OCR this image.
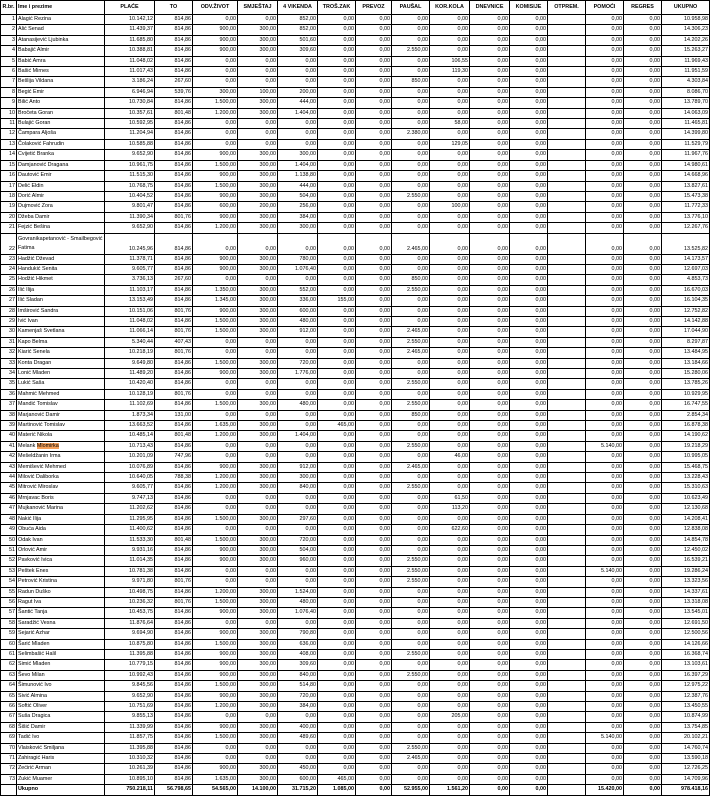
R.br.	Ime i prezime	PLAĆE	TO	ODV.ŽIVOT	SMJEŠTAJ	4 VIKENDA	TROŠ.ZAK	PREVOZ	PAUŠAL	KOR.KOLA	DNEVNICE	KOMISIJE	OTPREM.	POMOĆI	REGRES	UKUPNO
1	Alagić Rezina	10.142,12	814,86	0,00	0,00	852,00	0,00	0,00	0,00	0,00	0,00	0,00		0,00	0,00	10.958,98
2	Alić Senad	11.439,37	814,86	900,00	300,00	852,00	0,00	0,00	0,00	0,00	0,00	0,00		0,00	0,00	14.306,23
3	Atanasijević Ljubinka	11.685,80	814,86	900,00	300,00	501,60	0,00	0,00	0,00	0,00	0,00	0,00		0,00	0,00	14.202,26
4	Babajić Almir	10.388,81	814,86	900,00	300,00	309,60	0,00	0,00	2.550,00	0,00	0,00	0,00		0,00	0,00	15.263,27
5	Babić Amra	11.048,02	814,86	0,00	0,00	0,00	0,00	0,00	0,00	106,55	0,00	0,00		0,00	0,00	11.969,43
6	Bašić Mirnes	11.017,43	814,86	0,00	0,00	0,00	0,00	0,00	0,00	119,30	0,00	0,00		0,00	0,00	11.951,59
7	Bešlija Vildana	3.186,24	267,60	0,00	0,00	0,00	0,00	0,00	850,00	0,00	0,00	0,00		0,00	0,00	4.303,84
8	Begić Emir	6.946,94	539,76	300,00	100,00	200,00	0,00	0,00	0,00	0,00	0,00	0,00		0,00	0,00	8.086,70
9	Bilić Anto	10.730,84	814,86	1.500,00	300,00	444,00	0,00	0,00	0,00	0,00	0,00	0,00		0,00	0,00	13.789,70
10	Bročeta Goran	10.357,61	801,48	1.200,00	300,00	1.404,00	0,00	0,00	0,00	0,00	0,00	0,00		0,00	0,00	14.063,09
11	Bulajić Goran	10.592,95	814,86	0,00	0,00	0,00	0,00	0,00	0,00	58,00	0,00	0,00		0,00	0,00	11.465,81
12	Čampara Aljoša	11.204,94	814,86	0,00	0,00	0,00	0,00	0,00	2.380,00	0,00	0,00	0,00		0,00	0,00	14.399,80
13	Čolaković Fahrudin	10.585,88	814,86	0,00	0,00	0,00	0,00	0,00	0,00	129,05	0,00	0,00		0,00	0,00	11.529,79
14	Cvijetić Branka	9.652,90	814,86	900,00	300,00	300,00	0,00	0,00	0,00	0,00	0,00	0,00		0,00	0,00	11.967,76
15	Damjanović Dragana	10.961,75	814,86	1.500,00	300,00	1.404,00	0,00	0,00	0,00	0,00	0,00	0,00		0,00	0,00	14.980,61
16	Dautović Emir	11.515,30	814,86	900,00	300,00	1.138,80	0,00	0,00	0,00	0,00	0,00	0,00		0,00	0,00	14.668,96
17	Delić Eldin	10.768,75	814,86	1.500,00	300,00	444,00	0,00	0,00	0,00	0,00	0,00	0,00		0,00	0,00	13.827,61
18	Dorić Almir	10.404,52	814,86	900,00	300,00	504,00	0,00	0,00	2.550,00	0,00	0,00	0,00		0,00	0,00	15.473,38
19	Dujmović Zora	9.801,47	814,86	600,00	200,00	256,00	0,00	0,00	0,00	100,00	0,00	0,00		0,00	0,00	11.772,33
20	Džeba Damir	11.390,34	801,76	900,00	300,00	384,00	0,00	0,00	0,00	0,00	0,00	0,00		0,00	0,00	13.776,10
21	Fejzić Bešina	9.652,90	814,86	1.200,00	300,00	300,00	0,00	0,00	0,00	0,00	0,00	0,00		0,00	0,00	12.267,76
22	Govranikapetanović - Smailbegović Fatima	10.245,96	814,86	0,00	0,00	0,00	0,00	0,00	2.465,00	0,00	0,00	0,00		0,00	0,00	13.525,82
23	Hadžić Dževad	11.378,71	814,86	900,00	300,00	780,00	0,00	0,00	0,00	0,00	0,00	0,00		0,00	0,00	14.173,57
24	Handukić Senita	9.605,77	814,86	900,00	300,00	1.076,40	0,00	0,00	0,00	0,00	0,00	0,00		0,00	0,00	12.697,03
25	Hodžić Hikmet	3.736,13	267,60	0,00	0,00	0,00	0,00	0,00	850,00	0,00	0,00	0,00		0,00	0,00	4.853,73
26	Ilić Ilija	11.103,17	814,86	1.350,00	300,00	552,00	0,00	0,00	2.550,00	0,00	0,00	0,00		0,00	0,00	16.670,03
27	Ilić Sladan	13.153,49	814,86	1.345,00	300,00	336,00	155,00	0,00	0,00	0,00	0,00	0,00		0,00	0,00	16.104,35
28	Imširović Sandra	10.151,06	801,76	900,00	300,00	600,00	0,00	0,00	0,00	0,00	0,00	0,00		0,00	0,00	12.752,82
29	Ivić Ivan	11.048,02	814,86	1.500,00	300,00	480,00	0,00	0,00	0,00	0,00	0,00	0,00		0,00	0,00	14.142,88
30	Kamenjaš Svetlana	11.066,14	801,76	1.500,00	300,00	912,00	0,00	0,00	2.465,00	0,00	0,00	0,00		0,00	0,00	17.044,90
31	Kapo Belma	5.340,44	407,43	0,00	0,00	0,00	0,00	0,00	2.550,00	0,00	0,00	0,00		0,00	0,00	8.297,87
32	Kiarić Senela	10.218,19	801,76	0,00	0,00	0,00	0,00	0,00	2.465,00	0,00	0,00	0,00		0,00	0,00	13.484,95
33	Konta Dragan	9.649,80	814,86	1.500,00	300,00	720,00	0,00	0,00	0,00	0,00	0,00	0,00		0,00	0,00	13.184,66
34	Lonić Mladen	11.489,20	814,86	900,00	300,00	1.776,00	0,00	0,00	0,00	0,00	0,00	0,00		0,00	0,00	15.280,06
35	Lukić Saša	10.420,40	814,86	0,00	0,00	0,00	0,00	0,00	2.550,00	0,00	0,00	0,00		0,00	0,00	13.785,26
36	Mahmić Mehmed	10.128,19	801,76	0,00	0,00	0,00	0,00	0,00	0,00	0,00	0,00	0,00		0,00	0,00	10.929,95
37	Mandić Tomislav	11.102,69	814,86	1.500,00	300,00	480,00	0,00	0,00	2.550,00	0,00	0,00	0,00		0,00	0,00	16.747,55
38	Marjanović Damir	1.873,34	131,00	0,00	0,00	0,00	0,00	0,00	850,00	0,00	0,00	0,00		0,00	0,00	2.854,34
39	Martinović Tomislav	13.663,52	814,86	1.635,00	300,00	0,00	465,00	0,00	0,00	0,00	0,00	0,00		0,00	0,00	16.878,38
40	Materić Nikola	10.485,14	801,48	1.200,00	300,00	1.404,00	0,00	0,00	0,00	0,00	0,00	0,00		0,00	0,00	14.190,62
41	Melank Mlomirka	10.713,43	814,86	0,00	0,00	0,00	0,00	0,00	2.550,00	0,00	0,00	0,00		5.140,00	0,00	19.218,29
42	Mešeldžanin Irma	10.201,09	747,96	0,00	0,00	0,00	0,00	0,00	0,00	46,00	0,00	0,00		0,00	0,00	10.995,05
43	Memišević Mehmed	10.076,89	814,86	900,00	300,00	912,00	0,00	0,00	2.465,00	0,00	0,00	0,00		0,00	0,00	15.468,75
44	Milović Daliborka	10.640,05	788,38	1.200,00	300,00	300,00	0,00	0,00	0,00	0,00	0,00	0,00		0,00	0,00	13.228,43
45	Mitrović Miroslav	9.605,77	814,86	1.200,00	300,00	840,00	0,00	0,00	2.550,00	0,00	0,00	0,00		0,00	0,00	15.310,63
46	Mrnjavac Boris	9.747,13	814,86	0,00	0,00	0,00	0,00	0,00	0,00	61,50	0,00	0,00		0,00	0,00	10.623,49
47	Mujkanović Marina	11.202,62	814,86	0,00	0,00	0,00	0,00	0,00	0,00	113,20	0,00	0,00		0,00	0,00	12.130,68
48	Nakić Ilija	11.295,95	814,86	1.500,00	300,00	297,60	0,00	0,00	0,00	0,00	0,00	0,00		0,00	0,00	14.208,41
49	Obuća Aida	11.400,62	814,86	0,00	0,00	0,00	0,00	0,00	0,00	622,60	0,00	0,00		0,00	0,00	12.838,08
50	Odak Ivan	11.533,30	801,48	1.500,00	300,00	720,00	0,00	0,00	0,00	0,00	0,00	0,00		0,00	0,00	14.854,78
51	Orlović Amir	9.931,16	814,86	900,00	300,00	504,00	0,00	0,00	0,00	0,00	0,00	0,00		0,00	0,00	12.450,02
52	Pavković Ivica	11.014,35	814,86	900,00	300,00	960,00	0,00	0,00	2.550,00	0,00	0,00	0,00		0,00	0,00	16.539,21
53	Peštek Enes	10.781,38	814,86	0,00	0,00	0,00	0,00	0,00	2.550,00	0,00	0,00	0,00		5.140,00	0,00	19.286,24
54	Petrović Kristina	9.971,80	801,76	0,00	0,00	0,00	0,00	0,00	2.550,00	0,00	0,00	0,00		0,00	0,00	13.323,56
55	Radun Duško	10.498,75	814,86	1.200,00	300,00	1.524,00	0,00	0,00	0,00	0,00	0,00	0,00		0,00	0,00	14.337,61
56	Ragut Iva	10.236,32	801,76	1.500,00	300,00	480,00	0,00	0,00	0,00	0,00	0,00	0,00		0,00	0,00	13.318,08
57	Šantić Tanja	10.453,75	814,86	900,00	300,00	1.076,40	0,00	0,00	0,00	0,00	0,00	0,00		0,00	0,00	13.545,01
58	Saradžić Vesna	11.876,64	814,86	0,00	0,00	0,00	0,00	0,00	0,00	0,00	0,00	0,00		0,00	0,00	12.691,50
59	Sejarić Azhar	9.694,90	814,86	900,00	300,00	790,80	0,00	0,00	0,00	0,00	0,00	0,00		0,00	0,00	12.500,56
60	Šarić Mladen	10.875,80	814,86	1.500,00	300,00	636,00	0,00	0,00	0,00	0,00	0,00	0,00		0,00	0,00	14.126,66
61	Selimbašić Halil	11.395,88	814,86	900,00	300,00	408,00	0,00	0,00	2.550,00	0,00	0,00	0,00		0,00	0,00	16.368,74
62	Simić Mladen	10.779,15	814,86	900,00	300,00	309,60	0,00	0,00	0,00	0,00	0,00	0,00		0,00	0,00	13.103,61
63	Ševo Milan	10.992,43	814,86	900,00	300,00	840,00	0,00	0,00	2.550,00	0,00	0,00	0,00		0,00	0,00	16.397,29
64	Šimunović Ivo	9.845,56	814,86	1.500,00	300,00	514,80	0,00	0,00	0,00	0,00	0,00	0,00		0,00	0,00	12.975,22
65	Sivić Almina	9.652,90	814,86	900,00	300,00	720,00	0,00	0,00	0,00	0,00	0,00	0,00		0,00	0,00	12.387,76
66	Softić Oliver	10.751,69	814,86	1.200,00	300,00	384,00	0,00	0,00	0,00	0,00	0,00	0,00		0,00	0,00	13.450,55
67	Suša Dragica	9.855,13	814,86	0,00	0,00	0,00	0,00	0,00	0,00	205,00	0,00	0,00		0,00	0,00	10.874,99
68	Šišić Damir	11.339,99	814,86	900,00	300,00	400,00	0,00	0,00	0,00	0,00	0,00	0,00		0,00	0,00	13.754,85
69	Tadić Ivo	11.857,75	814,86	1.500,00	300,00	489,60	0,00	0,00	0,00	0,00	0,00	0,00		5.140,00	0,00	20.102,21
70	Vlaisković Smiljana	11.395,88	814,86	0,00	0,00	0,00	0,00	0,00	2.550,00	0,00	0,00	0,00		0,00	0,00	14.760,74
71	Zahiragić Haris	10.310,32	814,86	0,00	0,00	0,00	0,00	0,00	2.465,00	0,00	0,00	0,00		0,00	0,00	13.590,18
72	Zećirić Arman	10.261,39	814,86	900,00	300,00	450,00	0,00	0,00	0,00	0,00	0,00	0,00		0,00	0,00	12.726,25
73	Zukić Muamer	10.895,10	814,86	1.635,00	300,00	600,00	465,00	0,00	0,00	0,00	0,00	0,00		0,00	0,00	14.709,96
	Ukupno	750.218,11	56.798,65	54.565,00	14.100,00	31.715,20	1.085,00	0,00	52.955,00	1.561,20	0,00	0,00		15.420,00	0,00	978.418,16
